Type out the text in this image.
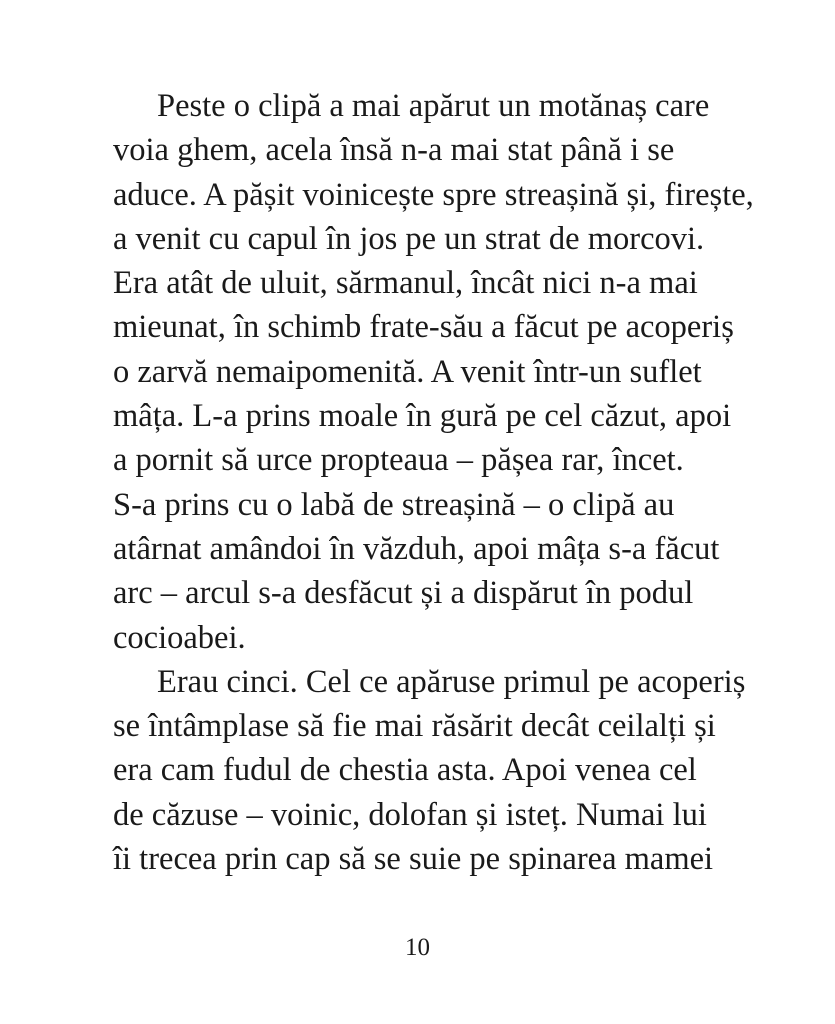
Peste o clipă a mai apărut un motănaș care
voia ghem, acela însă n-a mai stat până i se
aduce. A pășit voinicește spre streașină și, firește,
a venit cu capul în jos pe un strat de morcovi.
Era atât de uluit, sărmanul, încât nici n-a mai
mieunat, în schimb frate-său a făcut pe acoperiș
o zarvă nemaipomenită. A venit într-un suflet
mâța. L-a prins moale în gură pe cel căzut, apoi
a pornit să urce propteaua – pășea rar, încet.
S-a prins cu o labă de streașină – o clipă au
atârnat amândoi în văzduh, apoi mâța s-a făcut
arc – arcul s-a desfăcut și a dispărut în podul
cocioabei.
Erau cinci. Cel ce apăruse primul pe acoperiș
se întâmplase să fie mai răsărit decât ceilalți și
era cam fudul de chestia asta. Apoi venea cel
de căzuse – voinic, dolofan și isteț. Numai lui
îi trecea prin cap să se suie pe spinarea mamei
10
